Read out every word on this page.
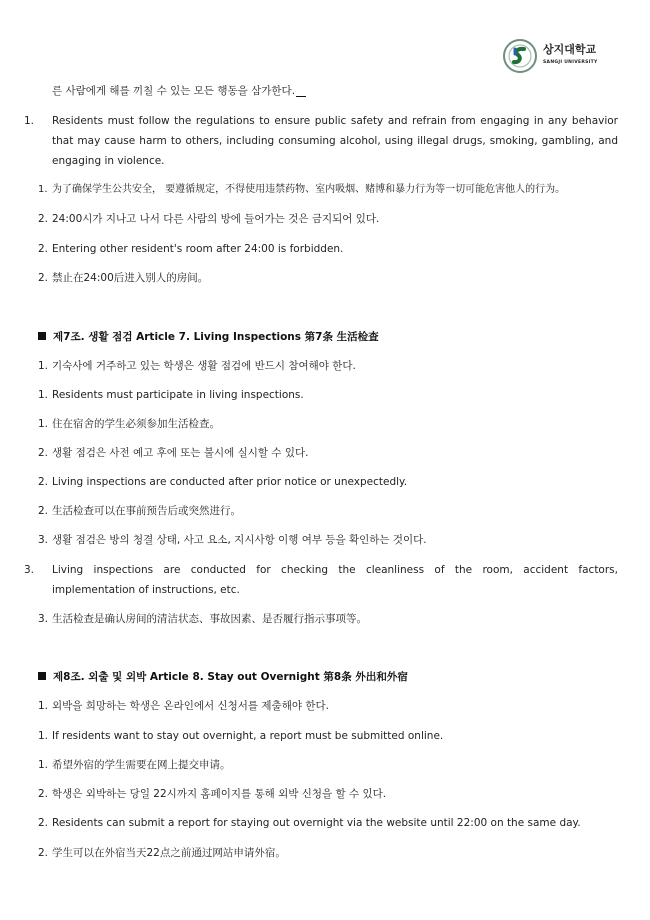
상지대학교
SANGJI UNIVERSITY
른 사람에게 해를 끼칠 수 있는 모든 행동을 삼가한다.
1. Residents must follow the regulations to ensure public safety and refrain from engaging in any behavior that may cause harm to others, including consuming alcohol, using illegal drugs, smoking, gambling, and engaging in violence.
1. 为了确保学生公共安全， 要遵循规定，不得使用违禁药物、室内吸烟、赌博和暴力行为等一切可能危害他人的行为。
2. 24:00시가 지나고 나서 다른 사람의 방에 들어가는 것은 금지되어 있다.
2. Entering other resident's room after 24:00 is forbidden.
2. 禁止在24:00后进入别人的房间。
제7조. 생활 점검 Article 7. Living Inspections 第7条 生活检查
1. 기숙사에 거주하고 있는 학생은 생활 점검에 반드시 참여해야 한다.
1. Residents must participate in living inspections.
1. 住在宿舍的学生必须参加生活检查。
2. 생활 점검은 사전 예고 후에 또는 불시에 실시할 수 있다.
2. Living inspections are conducted after prior notice or unexpectedly.
2. 生活检查可以在事前预告后或突然进行。
3. 생활 점검은 방의 청결 상태, 사고 요소, 지시사항 이행 여부 등을 확인하는 것이다.
3. Living inspections are conducted for checking the cleanliness of the room, accident factors, implementation of instructions, etc.
3. 生活检查是确认房间的清洁状态、事故因素、是否履行指示事项等。
제8조. 외출 및 외박 Article 8. Stay out Overnight 第8条 外出和外宿
1. 외박을 희망하는 학생은 온라인에서 신청서를 제출해야 한다.
1. If residents want to stay out overnight, a report must be submitted online.
1. 希望外宿的学生需要在网上提交申请。
2. 학생은 외박하는 당일 22시까지 홈페이지를 통해 외박 신청을 할 수 있다.
2. Residents can submit a report for staying out overnight via the website until 22:00 on the same day.
2. 学生可以在外宿当天22点之前通过网站申请外宿。
